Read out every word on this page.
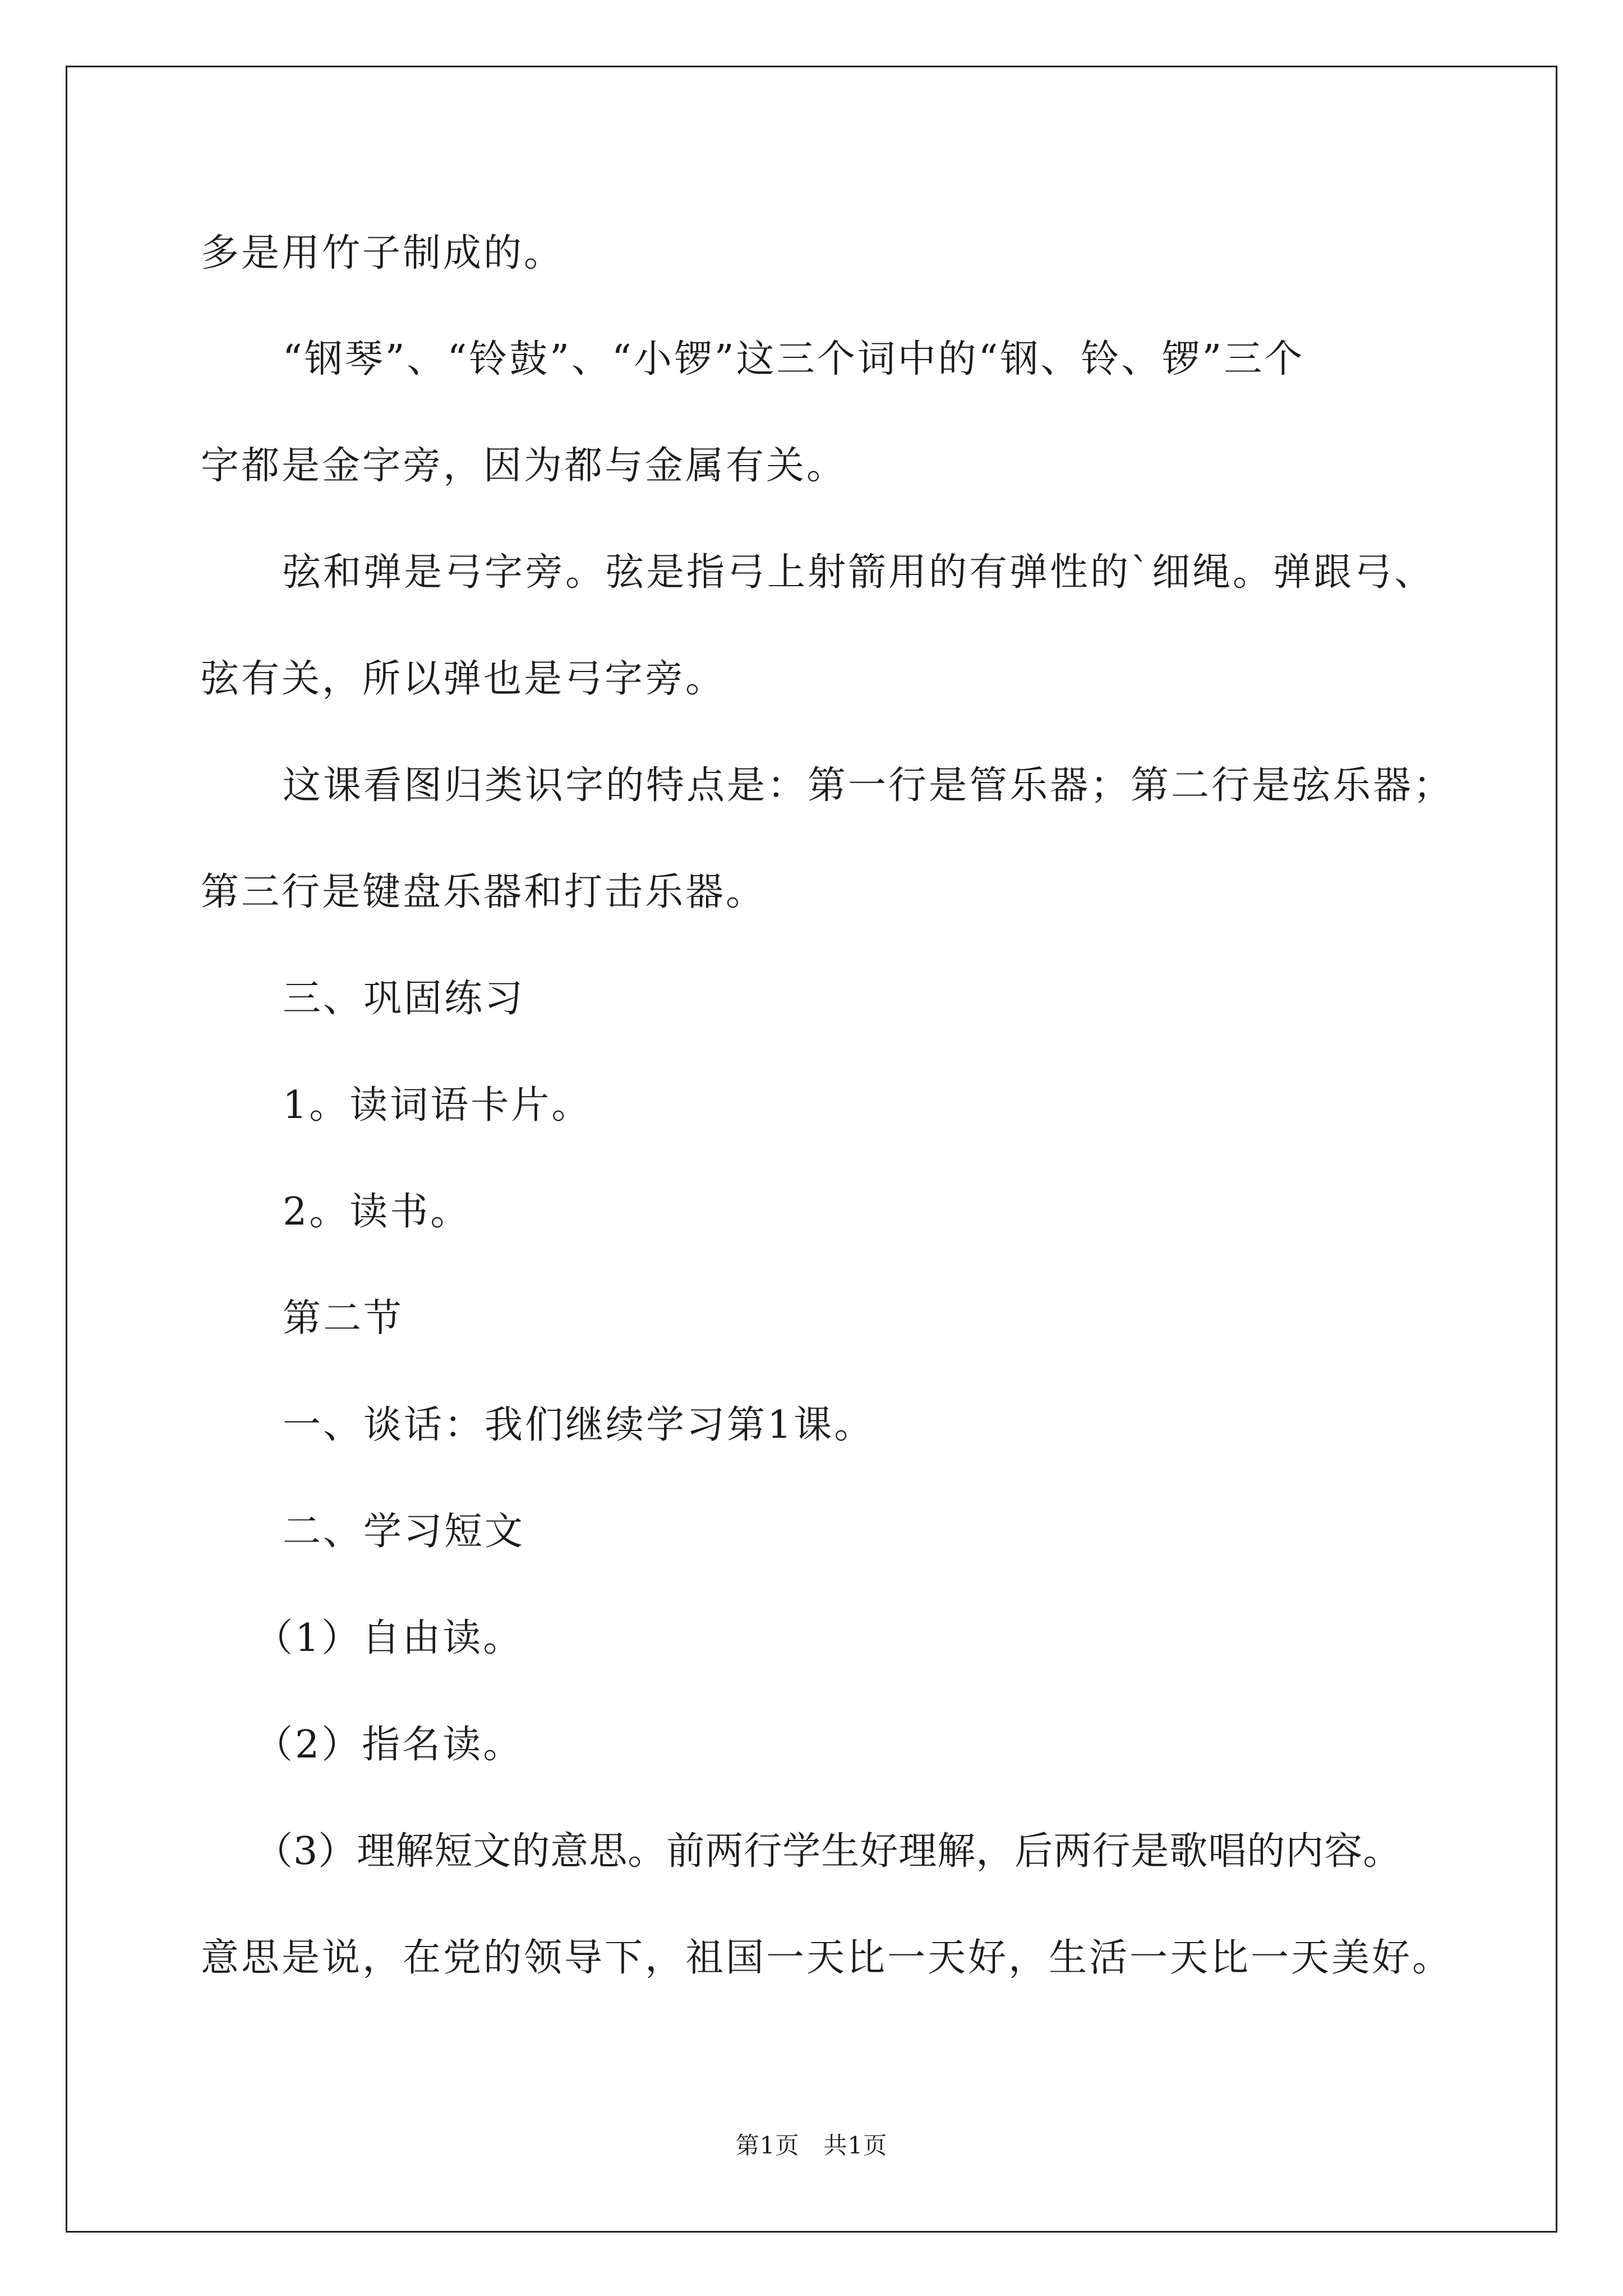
多是用竹子制成的。
“钢琴”、“铃鼓”、“小锣”这三个词中的“钢、铃、锣”三个
字都是金字旁，因为都与金属有关。
弦和弹是弓字旁。弦是指弓上射箭用的有弹性的`细绳。弹跟弓、
弦有关，所以弹也是弓字旁。
这课看图归类识字的特点是：第一行是管乐器；第二行是弦乐器；
第三行是键盘乐器和打击乐器。
三、巩固练习
1。读词语卡片。
2。读书。
第二节
一、谈话：我们继续学习第1课。
二、学习短文
（1）自由读。
（2）指名读。
（3）理解短文的意思。前两行学生好理解，后两行是歌唱的内容。
意思是说，在党的领导下，祖国一天比一天好，生活一天比一天美好。
第1页　共1页
